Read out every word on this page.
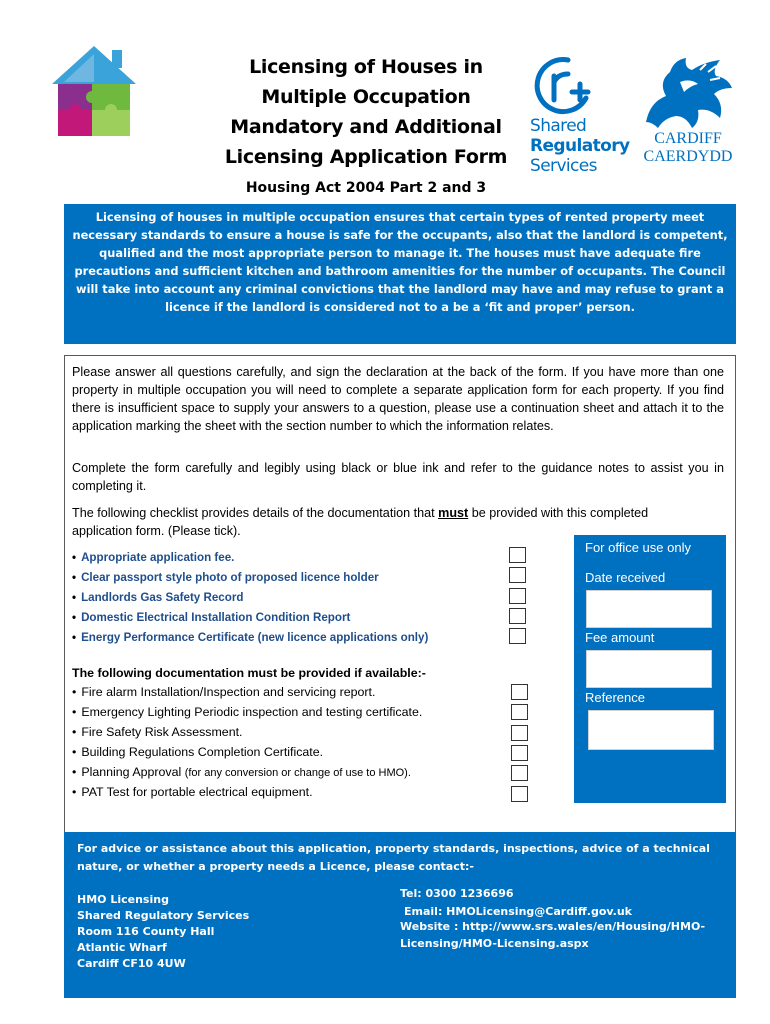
Licensing of Houses in
Multiple Occupation
Mandatory and Additional
Licensing Application Form
Housing Act 2004 Part 2 and 3
Shared
Regulatory
Services
CARDIFF
CAERDYDD
Licensing of houses in multiple occupation ensures that certain types of rented property meet necessary standards to ensure a house is safe for the occupants, also that the landlord is competent, qualified and the most appropriate person to manage it. The houses must have adequate fire precautions and sufficient kitchen and bathroom amenities for the number of occupants. The Council will take into account any criminal convictions that the landlord may have and may refuse to grant a licence if the landlord is considered not to a be a ‘fit and proper’ person.

Please answer all questions carefully, and sign the declaration at the back of the form. If you have more than one property in multiple occupation you will need to complete a separate application form for each property. If you find there is insufficient space to supply your answers to a question, please use a continuation sheet and attach it to the application marking the sheet with the section number to which the information relates.

Complete the form carefully and legibly using black or blue ink and refer to the guidance notes to assist you in completing it.

The following checklist provides details of the documentation that must be provided with this completed application form. (Please tick).

• Appropriate application fee.
• Clear passport style photo of proposed licence holder
• Landlords Gas Safety Record
• Domestic Electrical Installation Condition Report
• Energy Performance Certificate (new licence applications only)
The following documentation must be provided if available:-
• Fire alarm Installation/Inspection and servicing report.
• Emergency Lighting Periodic inspection and testing certificate.
• Fire Safety Risk Assessment.
• Building Regulations Completion Certificate.
• Planning Approval (for any conversion or change of use to HMO).
• PAT Test for portable electrical equipment.
For office use only
Date received
Fee amount
Reference
For advice or assistance about this application, property standards, inspections, advice of a technical nature, or whether a property needs a Licence, please contact:-
HMO Licensing
Shared Regulatory Services
Room 116 County Hall
Atlantic Wharf
Cardiff CF10 4UW
Tel: 0300 1236696
Email: HMOLicensing@Cardiff.gov.uk
Website : http://www.srs.wales/en/Housing/HMO-
Licensing/HMO-Licensing.aspx
